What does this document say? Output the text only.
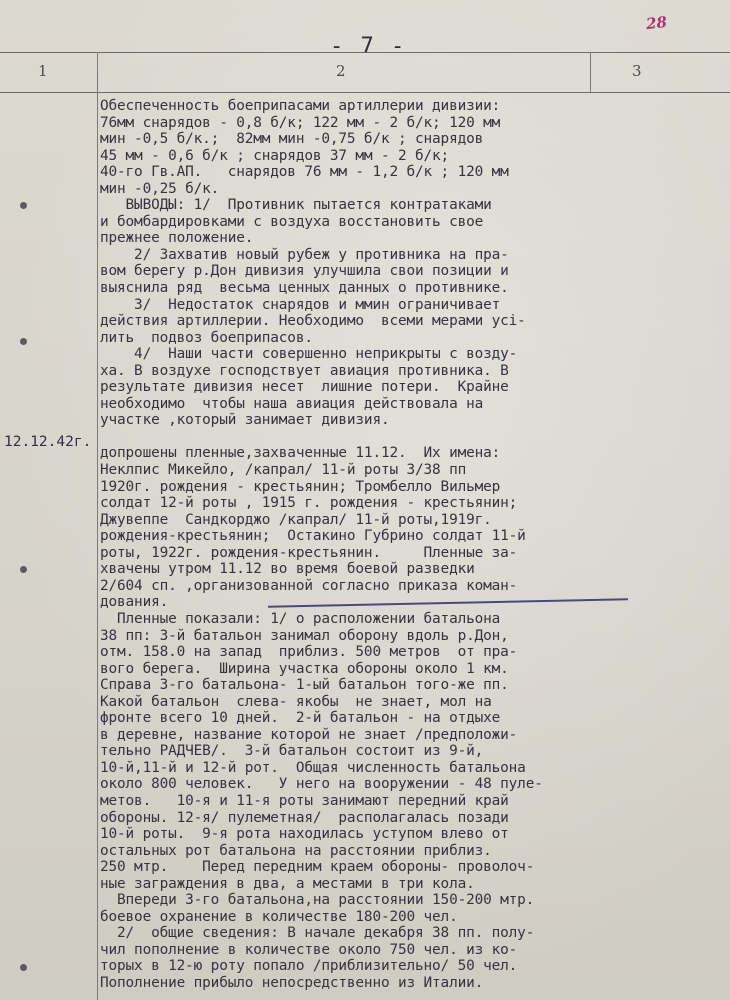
28
- 7 -
1	2	3
12.12.42г.
Обеспеченность боеприпасами артиллерии дивизии:
76мм снарядов - 0,8 б/к; 122 мм - 2 б/к; 120 мм
мин -0,5 б/к.;  82мм мин -0,75 б/к ; снарядов
45 мм - 0,6 б/к ; снарядов 37 мм - 2 б/к;
40-го Гв.АП.   снарядов 76 мм - 1,2 б/к ; 120 мм
мин -0,25 б/к.
ВЫВОДЫ: 1/  Противник пытается контратаками
и бомбардировками с воздуха восстановить свое
прежнее положение.
2/ Захватив новый рубеж у противника на пра-
вом берегу р.Дон дивизия улучшила свои позиции и
выяснила ряд  весьма ценных данных о противнике.
3/  Недостаток снарядов и ммин ограничивает
действия артиллерии. Необходимо  всеми мерами усі-
лить  подвоз боеприпасов.
4/  Наши части совершенно неприкрыты с возду-
ха. В воздухе господствует авиация противника. В
результате дивизия несет  лишние потери.  Крайне
необходимо  чтобы наша авиация действовала на
участке ,который занимает дивизия.
допрошены пленные,захваченные 11.12.  Их имена:
Неклпис Микейло, /капрал/ 11-й роты 3/38 пп
1920г. рождения - крестьянин; Тромбелло Вильмер
солдат 12-й роты , 1915 г. рождения - крестьянин;
Джувеппе  Сандкорджо /капрал/ 11-й роты,1919г.
рождения-крестьянин;  Остакино Губрино солдат 11-й
роты, 1922г. рождения-крестьянин.     Пленные за-
хвачены утром 11.12 во время боевой разведки
2/604 сп. ,организованной согласно приказа коман-
дования.
Пленные показали: 1/ о расположении батальона
38 пп: 3-й батальон занимал оборону вдоль р.Дон,
отм. 158.0 на запад  приблиз. 500 метров  от пра-
вого берега.  Ширина участка обороны около 1 км.
Справа 3-го батальона- 1-ый батальон того-же пп.
Какой батальон  слева- якобы  не знает, мол на
фронте всего 10 дней.  2-й батальон - на отдыхе
в деревне, название которой не знает /предположи-
тельно РАДЧЕВ/.  3-й батальон состоит из 9-й,
10-й,11-й и 12-й рот.  Общая численность батальона
около 800 человек.   У него на вооружении - 48 пуле-
метов.   10-я и 11-я роты занимают передний край
обороны. 12-я/ пулеметная/  располагалась позади
10-й роты.  9-я рота находилась уступом влево от
остальных рот батальона на расстоянии приблиз.
250 мтр.    Перед передним краем обороны- проволоч-
ные заграждения в два, а местами в три кола.
Впереди 3-го батальона,на расстоянии 150-200 мтр.
боевое охранение в количестве 180-200 чел.
2/  общие сведения: В начале декабря 38 пп. полу-
чил пополнение в количестве около 750 чел. из ко-
торых в 12-ю роту попало /приблизительно/ 50 чел.
Пополнение прибыло непосредственно из Италии.
